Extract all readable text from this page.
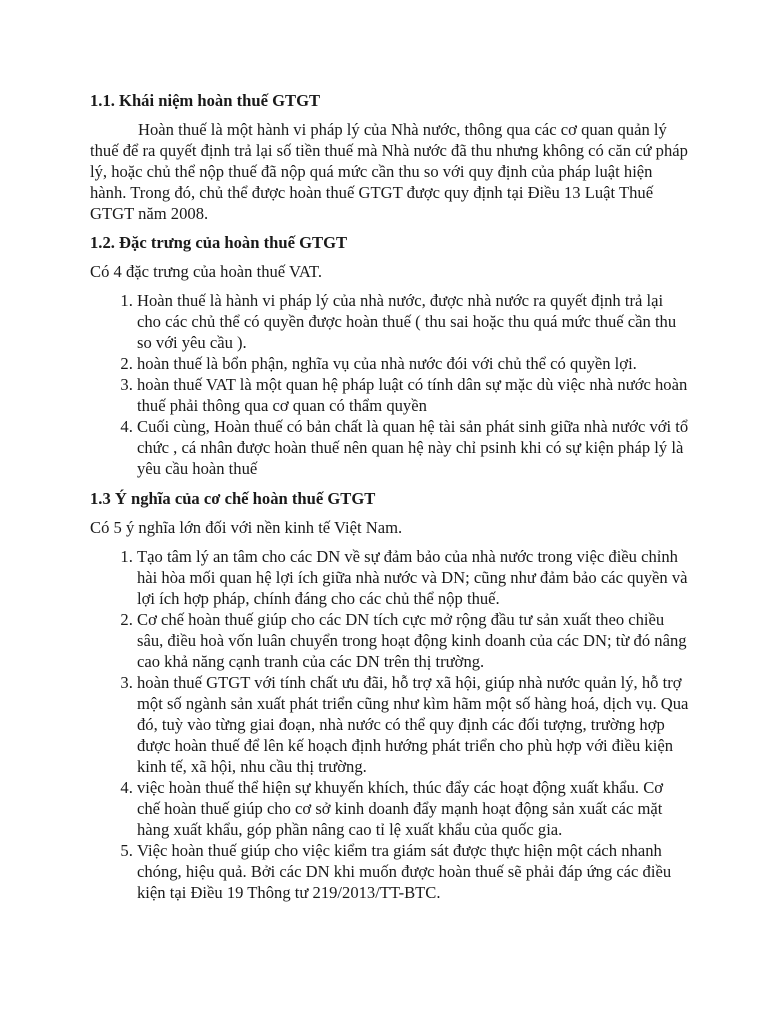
1.1. Khái niệm hoàn thuế GTGT

Hoàn thuế là một hành vi pháp lý của Nhà nước, thông qua các cơ quan quản lý thuế để ra quyết định trả lại số tiền thuế mà Nhà nước đã thu nhưng không có căn cứ pháp lý, hoặc chủ thể nộp thuế đã nộp quá mức cần thu so với quy định của pháp luật hiện hành. Trong đó, chủ thể được hoàn thuế GTGT được quy định tại Điều 13 Luật Thuế GTGT năm 2008.

1.2. Đặc trưng của hoàn thuế GTGT

Có 4 đặc trưng của hoàn thuế VAT.

1. Hoàn thuế là hành vi pháp lý của nhà nước, được nhà nước ra quyết định trả lại cho các chủ thể có quyền được hoàn thuế ( thu sai hoặc thu quá mức thuế cần thu so với yêu cầu ).
2. hoàn thuế là bổn phận, nghĩa vụ của nhà nước đói với chủ thể có quyền lợi.
3. hoàn thuế VAT là một quan hệ pháp luật có tính dân sự mặc dù việc nhà nước hoàn thuế phải thông qua cơ quan có thẩm quyền
4. Cuối cùng, Hoàn thuế có bản chất là quan hệ tài sản phát sinh giữa nhà nước với tổ chức , cá nhân được hoàn thuế nên quan hệ này chỉ psinh khi có sự kiện pháp lý là yêu cầu hoàn thuế
1.3 Ý nghĩa của cơ chế hoàn thuế GTGT

Có 5 ý nghĩa lớn đối với nền kinh tế Việt Nam.

1. Tạo tâm lý an tâm cho các DN về sự đảm bảo của nhà nước trong việc điều chỉnh hài hòa mối quan hệ lợi ích giữa nhà nước và DN; cũng như đảm bảo các quyền và lợi ích hợp pháp, chính đáng cho các chủ thể nộp thuế.
2. Cơ chế hoàn thuế giúp cho các DN tích cực mở rộng đầu tư sản xuất theo chiều sâu, điều hoà vốn luân chuyển trong hoạt động kinh doanh của các DN; từ đó nâng cao khả năng cạnh tranh của các DN trên thị trường.
3. hoàn thuế GTGT với tính chất ưu đãi, hỗ trợ xã hội, giúp nhà nước quản lý, hỗ trợ một số ngành sản xuất phát triển cũng như kìm hãm một số hàng hoá, dịch vụ. Qua đó, tuỳ vào từng giai đoạn, nhà nước có thể quy định các đối tượng, trường hợp được hoàn thuế để lên kế hoạch định hướng phát triển cho phù hợp với điều kiện kinh tế, xã hội, nhu cầu thị trường.
4. việc hoàn thuế thể hiện sự khuyến khích, thúc đẩy các hoạt động xuất khẩu. Cơ chế hoàn thuế giúp cho cơ sở kinh doanh đẩy mạnh hoạt động sản xuất các mặt hàng xuất khẩu, góp phần nâng cao tỉ lệ xuất khẩu của quốc gia.
5. Việc hoàn thuế giúp cho việc kiểm tra giám sát được thực hiện một cách nhanh chóng, hiệu quả. Bởi các DN khi muốn được hoàn thuế sẽ phải đáp ứng các điều kiện tại Điều 19 Thông tư 219/2013/TT-BTC.
